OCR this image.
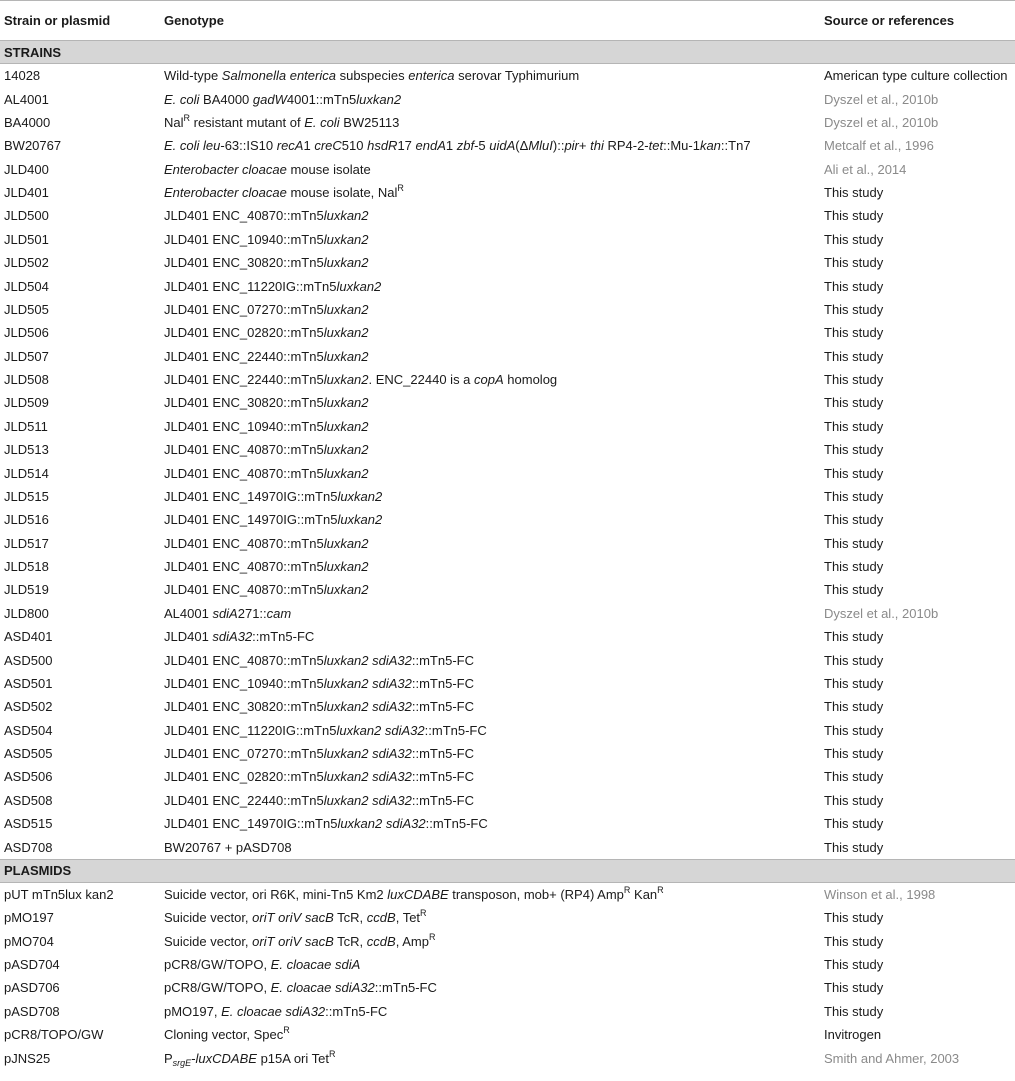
Strain or plasmid	Genotype	Source or references
STRAINS		
14028	Wild-type Salmonella enterica subspecies enterica serovar Typhimurium	American type culture collection
AL4001	E. coli BA4000 gadW4001::mTn5luxkan2	Dyszel et al., 2010b
BA4000	Nal$^R$ resistant mutant of E. coli BW25113	Dyszel et al., 2010b
BW20767	E. coli leu-63::IS10 recA1 creC510 hsdR17 endA1 zbf-5 uidA(ΔMluI)::pir+ thi RP4-2-tet::Mu-1kan::Tn7	Metcalf et al., 1996
JLD400	Enterobacter cloacae mouse isolate	Ali et al., 2014
JLD401	Enterobacter cloacae mouse isolate, Nal$^R$	This study
JLD500	JLD401 ENC_40870::mTn5luxkan2	This study
JLD501	JLD401 ENC_10940::mTn5luxkan2	This study
JLD502	JLD401 ENC_30820::mTn5luxkan2	This study
JLD504	JLD401 ENC_11220IG::mTn5luxkan2	This study
JLD505	JLD401 ENC_07270::mTn5luxkan2	This study
JLD506	JLD401 ENC_02820::mTn5luxkan2	This study
JLD507	JLD401 ENC_22440::mTn5luxkan2	This study
JLD508	JLD401 ENC_22440::mTn5luxkan2. ENC_22440 is a copA homolog	This study
JLD509	JLD401 ENC_30820::mTn5luxkan2	This study
JLD511	JLD401 ENC_10940::mTn5luxkan2	This study
JLD513	JLD401 ENC_40870::mTn5luxkan2	This study
JLD514	JLD401 ENC_40870::mTn5luxkan2	This study
JLD515	JLD401 ENC_14970IG::mTn5luxkan2	This study
JLD516	JLD401 ENC_14970IG::mTn5luxkan2	This study
JLD517	JLD401 ENC_40870::mTn5luxkan2	This study
JLD518	JLD401 ENC_40870::mTn5luxkan2	This study
JLD519	JLD401 ENC_40870::mTn5luxkan2	This study
JLD800	AL4001 sdiA271::cam	Dyszel et al., 2010b
ASD401	JLD401 sdiA32::mTn5-FC	This study
ASD500	JLD401 ENC_40870::mTn5luxkan2 sdiA32::mTn5-FC	This study
ASD501	JLD401 ENC_10940::mTn5luxkan2 sdiA32::mTn5-FC	This study
ASD502	JLD401 ENC_30820::mTn5luxkan2 sdiA32::mTn5-FC	This study
ASD504	JLD401 ENC_11220IG::mTn5luxkan2 sdiA32::mTn5-FC	This study
ASD505	JLD401 ENC_07270::mTn5luxkan2 sdiA32::mTn5-FC	This study
ASD506	JLD401 ENC_02820::mTn5luxkan2 sdiA32::mTn5-FC	This study
ASD508	JLD401 ENC_22440::mTn5luxkan2 sdiA32::mTn5-FC	This study
ASD515	JLD401 ENC_14970IG::mTn5luxkan2 sdiA32::mTn5-FC	This study
ASD708	BW20767 + pASD708	This study
PLASMIDS		
pUT mTn5lux kan2	Suicide vector, ori R6K, mini-Tn5 Km2 luxCDABE transposon, mob+ (RP4) Amp$^R$ Kan$^R$	Winson et al., 1998
pMO197	Suicide vector, oriT oriV sacB TcR, ccdB, Tet$^R$	This study
pMO704	Suicide vector, oriT oriV sacB TcR, ccdB, Amp$^R$	This study
pASD704	pCR8/GW/TOPO, E. cloacae sdiA	This study
pASD706	pCR8/GW/TOPO, E. cloacae sdiA32::mTn5-FC	This study
pASD708	pMO197, E. cloacae sdiA32::mTn5-FC	This study
pCR8/TOPO/GW	Cloning vector, Spec$^R$	Invitrogen
pJNS25	$P_{srgE}$-luxCDABE p15A ori Tet$^R$	Smith and Ahmer, 2003
